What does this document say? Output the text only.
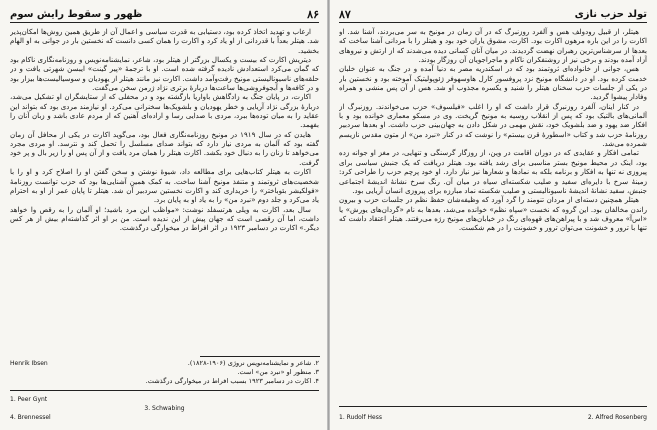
ظهور و سقوط رایش سوم	۸۶

ارعاب و تهدید اتخاذ کرده بود، دستیابی به قدرت سیاسی و اعمال آن از طریق همین روش‌ها امکان‌پذیر شد. هیتلر بعداً با قدردانی از او یاد کرد و اکارت را همان کسی دانست که نخستین بار در جوانی به او الهام بخشید.

دیتریش اکارت که بیست و یکسال بزرگتر از هیتلر بود، شاعر، نمایشنامه‌نویس و روزنامه‌نگاری ناکام بود که گمان می‌کرد استعدادش نادیده گرفته شده است. او با ترجمهٔ «پیر گینت» ایبسن شهرتی یافت و در حلقه‌های ناسیونالیستی مونیخ رفت‌وآمد داشت. اکارت نیز مانند هیتلر از یهودیان و سوسیالیست‌ها بیزار بود و در کافه‌ها و آبجوفروشی‌ها ساعت‌ها دربارهٔ برتری نژاد ژرمن سخن می‌گفت.

اکارت، در پایان جنگ به زادگاهش باواریا بازگشته بود و در محفلی که از ستایشگران او تشکیل می‌شد، دربارهٔ بزرگی نژاد آریایی و خطر یهودیان و بلشویک‌ها سخنرانی می‌کرد. او نیازمند مردی بود که بتواند این عقاید را به میان توده‌ها ببرد، مردی با صدایی رسا و اراده‌ای آهنین که از مردم عادی باشد و زبان آنان را بفهمد.

هایدن که در سال ۱۹۱۹ در مونیخ روزنامه‌نگاری فعال بود، می‌گوید اکارت در یکی از محافل آن زمان گفته بود که آلمان به مردی نیاز دارد که بتواند صدای مسلسل را تحمل کند و نترسد. او مردی مجرد می‌خواهد تا زنان را به دنبال خود بکشد. اکارت هیتلر را همان مرد یافت و از آن پس او را زیر بال و پر خود گرفت.

اکارت به هیتلر کتاب‌هایی برای مطالعه داد، شیوهٔ نوشتن و سخن گفتن او را اصلاح کرد و او را با شخصیت‌های ثروتمند و متنفذ مونیخ آشنا ساخت. به کمک همین آشنایی‌ها بود که حزب توانست روزنامهٔ «فولکیشر بئوباختر» را خریداری کند و اکارت نخستین سردبیر آن شد. هیتلر تا پایان عمر از او به احترام یاد می‌کرد و جلد دوم «نبرد من» را به یاد او به پایان برد.

سال بعد، اکارت به ویلی هرتسفلد نوشت: «مواظب این مرد باشید؛ او آلمان را به رقص وا خواهد داشت، اما آن رقصی است که جهان پیش از این ندیده است. من بر او اثر گذاشته‌ام بیش از هر کس دیگر.» اکارت در دسامبر ۱۹۲۳ در اثر افراط در میخوارگی درگذشت.

۲. شاعر و نمایشنامه‌نویس نروژی (۱۹۰۶-۱۸۲۸).
Henrik Ibsen
۳. منظور او «نبرد من» است.
۴. اکارت در دسامبر ۱۹۲۳ بسبب افراط در میخوارگی درگذشت.
1. Peer Gynt
3. Schwabing
4. Brennessel
۸۷	تولد حزب نازی

هیتلر، از قبیل رودولف هس و آلفرد روزنبرگ که در آن زمان در مونیخ به سر می‌بردند، آشنا شد. او اکارت را در این باره مرهون اکارت بود. اکارت، مشوق یاران خود بود و هیتلر را با مردانی آشنا ساخت که بعدها از سرشناس‌ترین رهبران نهضت گردیدند. در میان آنان کسانی دیده می‌شدند که از ارتش و نیروهای آزاد آمده بودند و برخی نیز از روشنفکران ناکام و ماجراجویان آن روزگار بودند.

هس، جوانی از خانواده‌ای ثروتمند بود که در اسکندریه مصر به دنیا آمده و در جنگ به عنوان خلبان خدمت کرده بود. او در دانشگاه مونیخ نزد پروفسور کارل هاوسهوفر ژئوپولیتیک آموخته بود و نخستین بار در یکی از جلسات حزب سخنان هیتلر را شنید و یکسره مجذوب او شد. هس از آن پس منشی و همراه وفادار پیشوا گردید.

در کنار اینان، آلفرد روزنبرگ قرار داشت که او را اغلب «فیلسوف» حزب می‌خواندند. روزنبرگ از آلمانی‌های بالتیک بود که پس از انقلاب روسیه به مونیخ گریخت. وی در مسکو معماری خوانده بود و با افکار ضد یهود و ضد بلشویک خود، نقش مهمی در شکل دادن به جهان‌بینی حزب داشت. او بعدها سردبیر روزنامهٔ حزب شد و کتاب «اسطورهٔ قرن بیستم» را نوشت که در کنار «نبرد من» از متون مقدس نازیسم شمرده می‌شد.

تمامی افکار و عقایدی که در دوران اقامت در وین، از روزگار گرسنگی و تنهایی، در مغز او جوانه زده بود، اینک در محیط مونیخ بستر مناسبی برای رشد یافته بود. هیتلر دریافت که یک جنبش سیاسی برای پیروزی نه تنها به افکار و برنامه بلکه به نمادها و شعارها نیز نیاز دارد. او خود پرچم حزب را طراحی کرد: زمینهٔ سرخ با دایره‌ای سفید و صلیب شکسته‌ای سیاه در میان آن. رنگ سرخ نشانهٔ اندیشهٔ اجتماعی جنبش، سفید نشانهٔ اندیشهٔ ناسیونالیستی و صلیب شکسته نماد مبارزه برای پیروزی انسان آریایی بود.

هیتلر همچنین دسته‌ای از مردان تنومند را گرد آورد که وظیفه‌شان حفظ نظم در جلسات حزب و بیرون راندن مخالفان بود. این گروه که نخست «سپاه نظم» خوانده می‌شد، بعدها به نام «گردان‌های یورش» یا «اس‌آ» معروف شد و با پیراهن‌های قهوه‌ای رنگ در خیابان‌های مونیخ رژه می‌رفتند. هیتلر اعتقاد داشت که تنها با ترور و خشونت می‌توان ترور و خشونت را در هم شکست.

1. Rudolf Hess	2. Alfred Rosenberg
